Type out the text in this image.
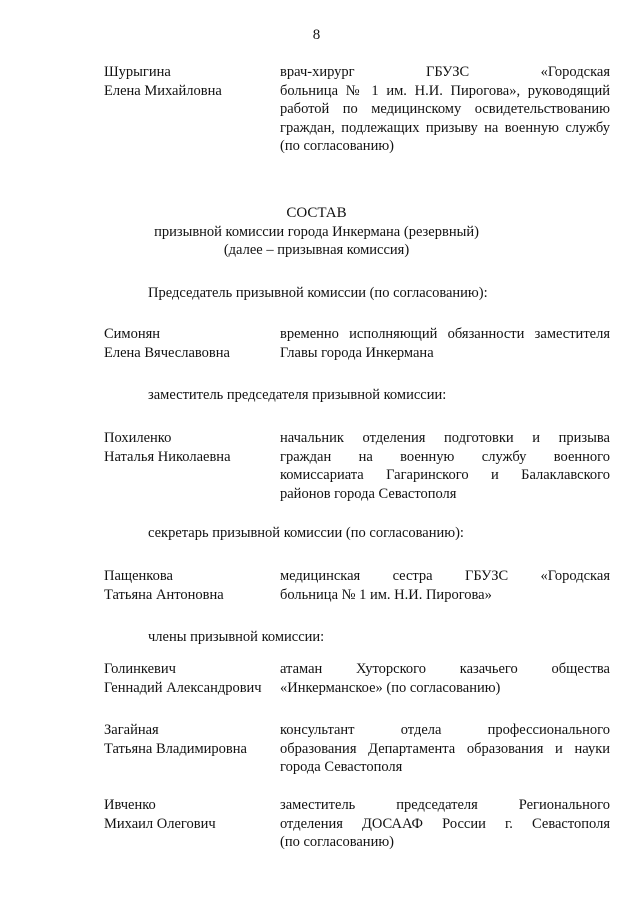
8
Шурыгина
Елена Михайловна
врач-хирург ГБУЗС «Городская
больница № 1 им. Н.И. Пирогова», руководящий
работой по медицинскому освидетельствованию
граждан, подлежащих призыву на военную службу
(по согласованию)
СОСТАВ
призывной комиссии города Инкермана (резервный)
(далее – призывная комиссия)
Председатель призывной комиссии (по согласованию):
Симонян
Елена Вячеславовна
временно исполняющий обязанности заместителя
Главы города Инкермана
заместитель председателя призывной комиссии:
Похиленко
Наталья Николаевна
начальник отделения подготовки и призыва
граждан на военную службу военного
комиссариата Гагаринского и Балаклавского
районов города Севастополя
секретарь призывной комиссии (по согласованию):
Пащенкова
Татьяна Антоновна
медицинская сестра ГБУЗС «Городская
больница № 1 им. Н.И. Пирогова»
члены призывной комиссии:
Голинкевич
Геннадий Александрович
атаман Хуторского казачьего общества
«Инкерманское» (по согласованию)
Загайная
Татьяна Владимировна
консультант отдела профессионального
образования Департамента образования и науки
города Севастополя
Ивченко
Михаил Олегович
заместитель председателя Регионального
отделения ДОСААФ России г. Севастополя
(по согласованию)
